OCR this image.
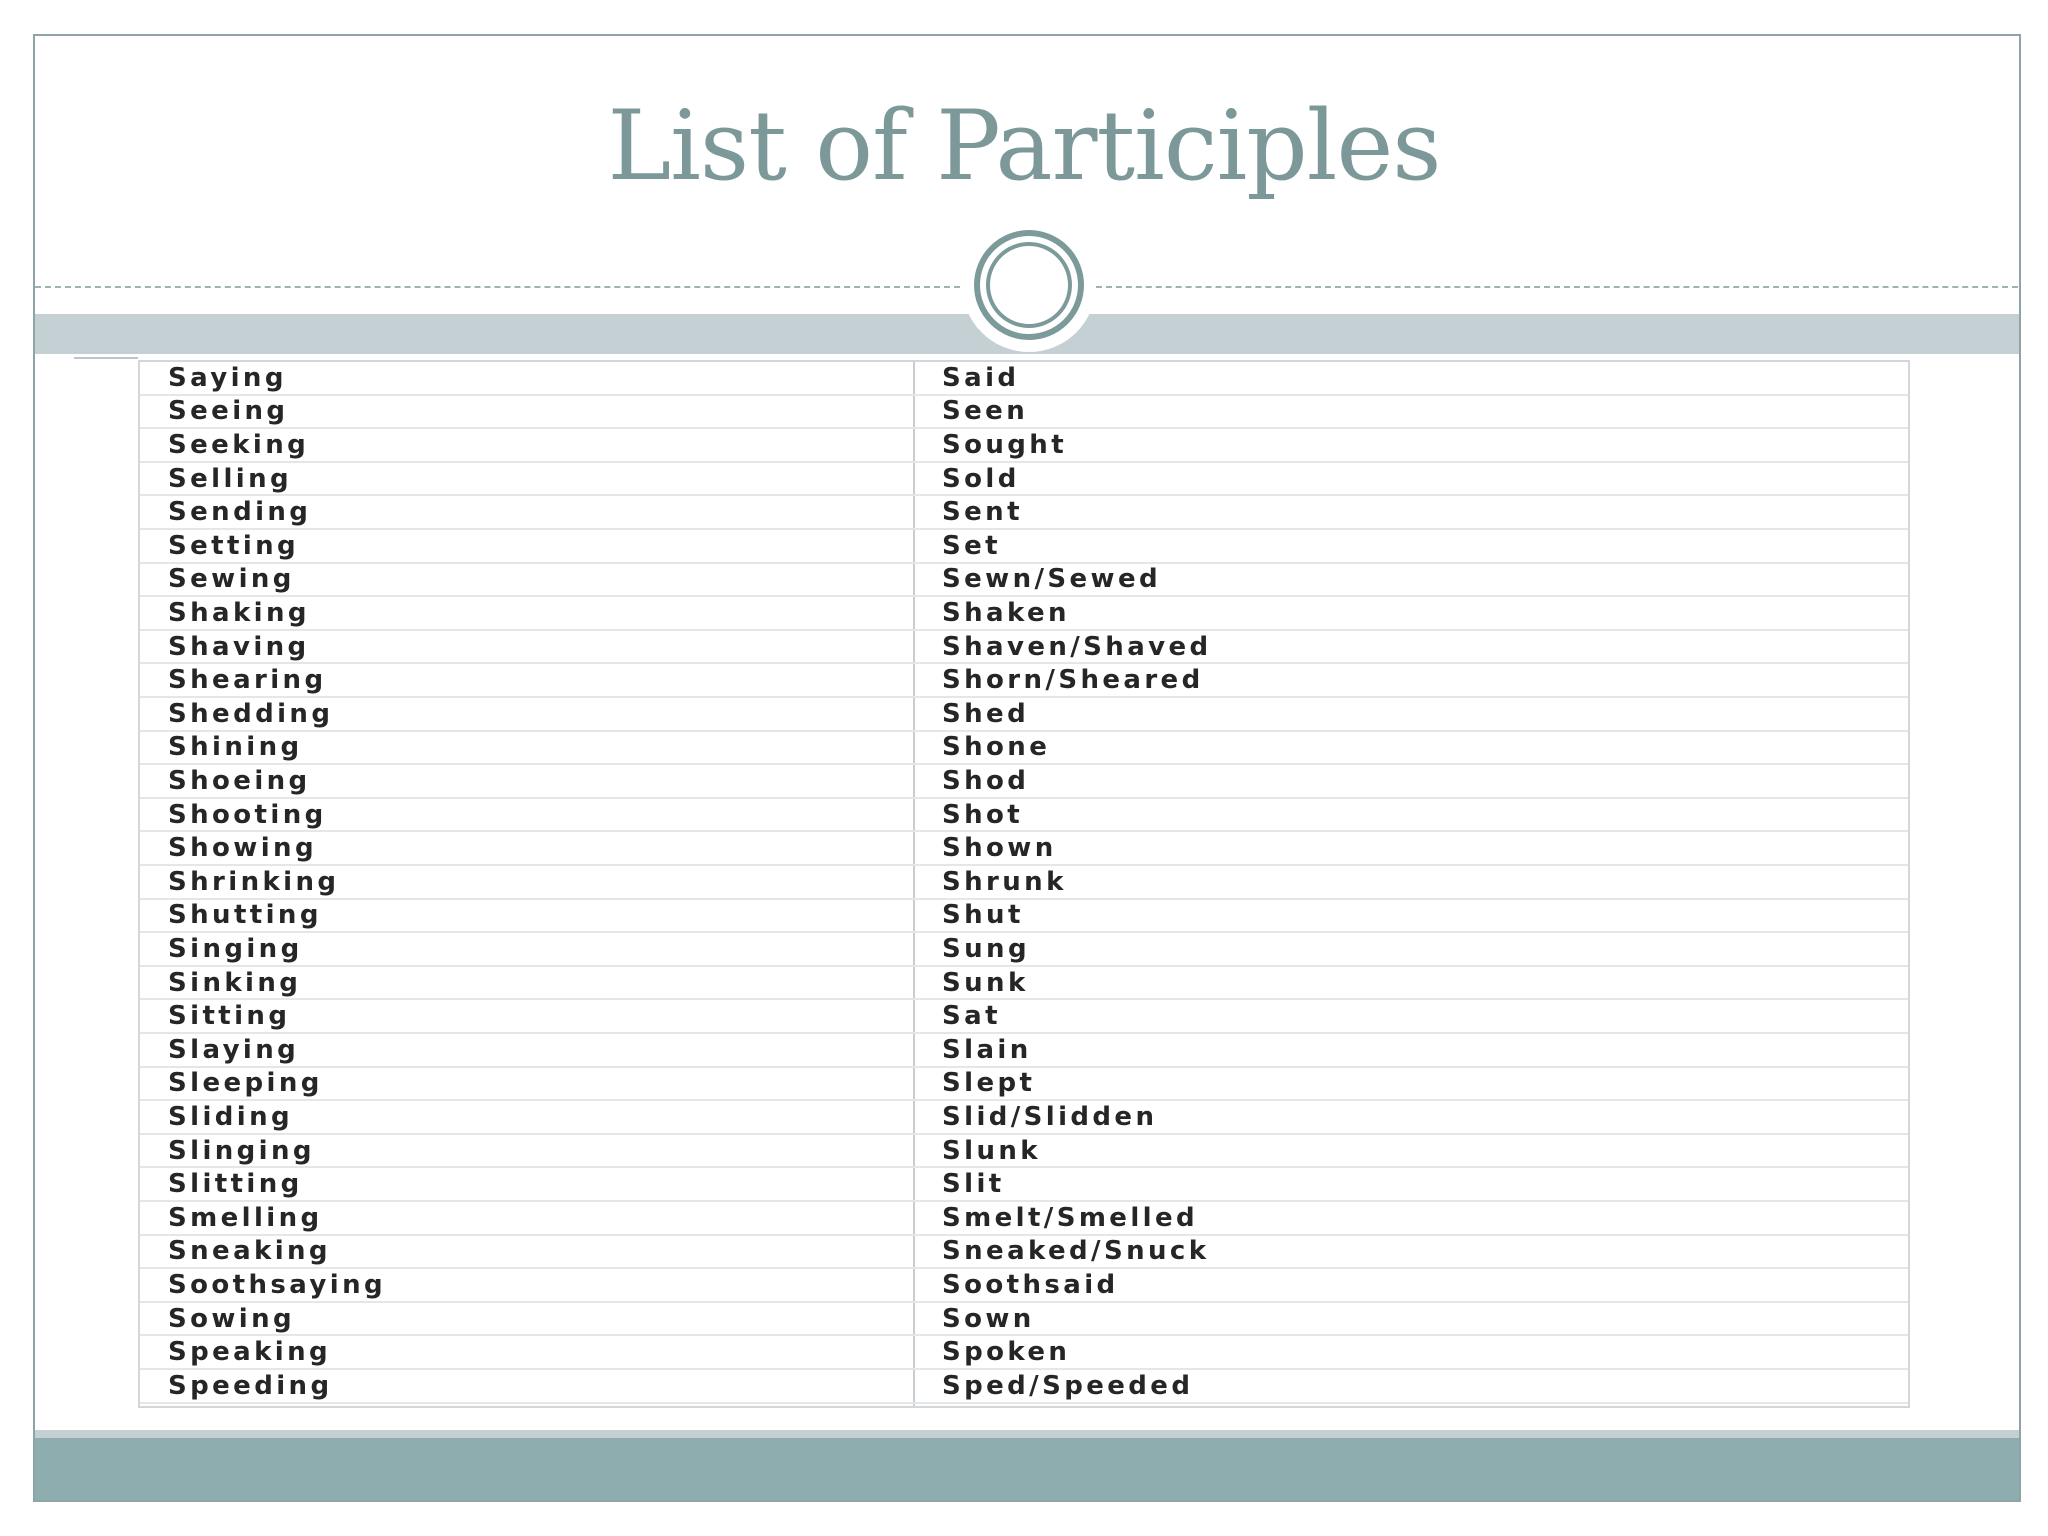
List of Participles
Saying	Said
Seeing	Seen
Seeking	Sought
Selling	Sold
Sending	Sent
Setting	Set
Sewing	Sewn/Sewed
Shaking	Shaken
Shaving	Shaven/Shaved
Shearing	Shorn/Sheared
Shedding	Shed
Shining	Shone
Shoeing	Shod
Shooting	Shot
Showing	Shown
Shrinking	Shrunk
Shutting	Shut
Singing	Sung
Sinking	Sunk
Sitting	Sat
Slaying	Slain
Sleeping	Slept
Sliding	Slid/Slidden
Slinging	Slunk
Slitting	Slit
Smelling	Smelt/Smelled
Sneaking	Sneaked/Snuck
Soothsaying	Soothsaid
Sowing	Sown
Speaking	Spoken
Speeding	Sped/Speeded
